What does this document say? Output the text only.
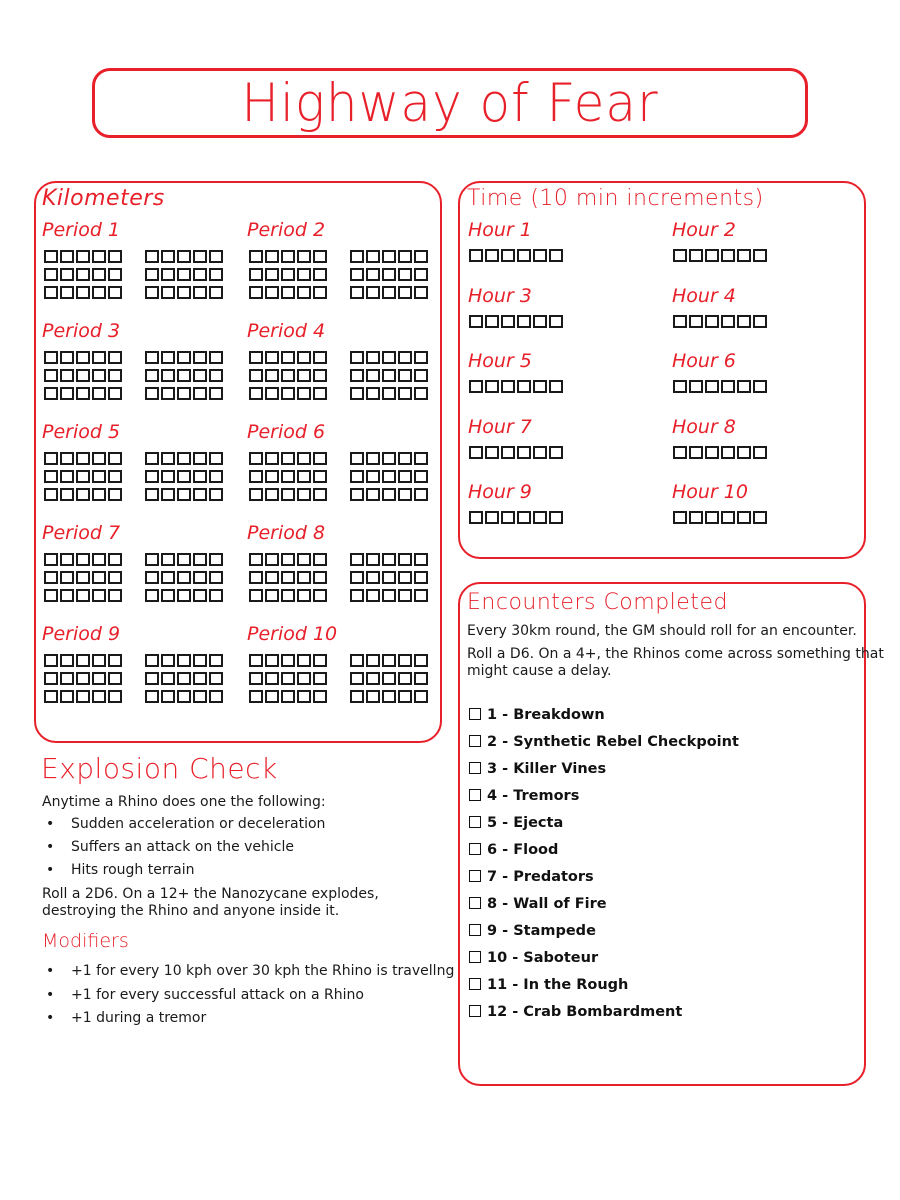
Highway of Fear
Kilometers
Period 1	Period 2
Period 3	Period 4
Period 5	Period 6
Period 7	Period 8
Period 9	Period 10
Time (10 min increments)
Hour 1	Hour 2
Hour 3	Hour 4
Hour 5	Hour 6
Hour 7	Hour 8
Hour 9	Hour 10
Encounters Completed
Every 30km round, the GM should roll for an encounter.
Roll a D6. On a 4+, the Rhinos come across something that
might cause a delay.
1 - Breakdown
2 - Synthetic Rebel Checkpoint
3 - Killer Vines
4 - Tremors
5 - Ejecta
6 - Flood
7 - Predators
8 - Wall of Fire
9 - Stampede
10 - Saboteur
11 - In the Rough
12 - Crab Bombardment
Explosion Check
Anytime a Rhino does one the following:
• Sudden acceleration or deceleration
• Suffers an attack on the vehicle
• Hits rough terrain
Roll a 2D6. On a 12+ the Nanozycane explodes,
destroying the Rhino and anyone inside it.
Modifiers
• +1 for every 10 kph over 30 kph the Rhino is travellng
• +1 for every successful attack on a Rhino
• +1 during a tremor
